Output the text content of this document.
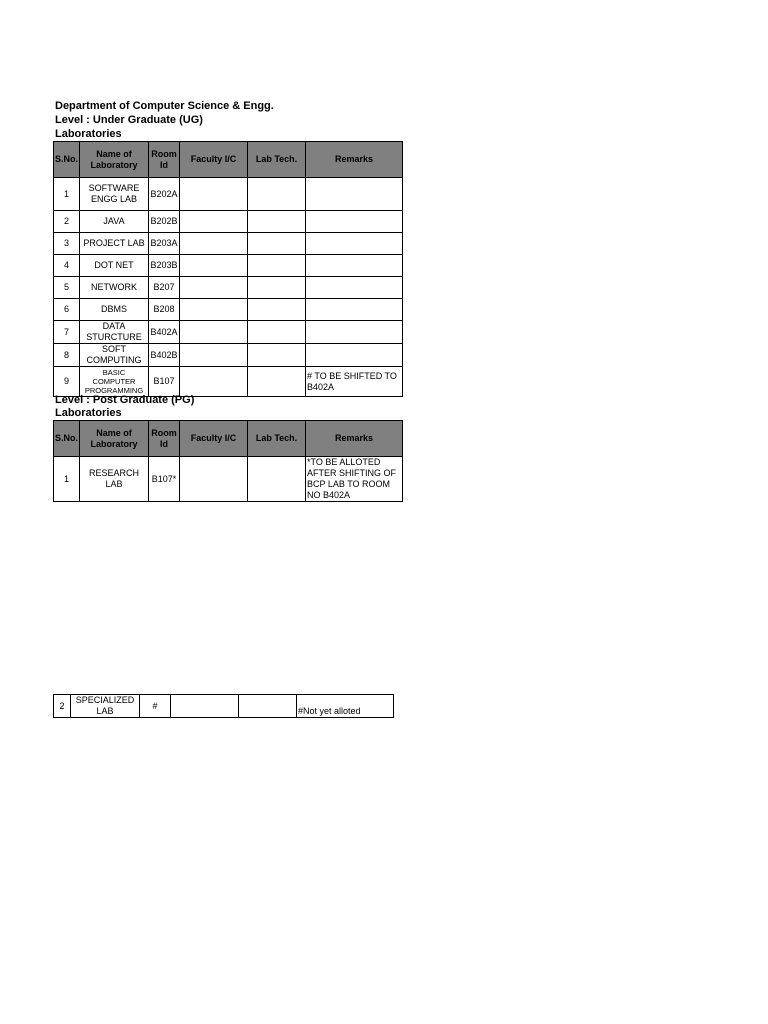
Department of Computer Science & Engg.
Level : Under Graduate (UG)
Laboratories
S.No.	Name of Laboratory	Room Id	Faculty I/C	Lab Tech.	Remarks
1	SOFTWARE ENGG LAB	B202A			
2	JAVA	B202B			
3	PROJECT LAB	B203A			
4	DOT NET	B203B			
5	NETWORK	B207			
6	DBMS	B208			
7	DATA STURCTURE	B402A			
8	SOFT COMPUTING	B402B			
9	BASIC COMPUTER PROGRAMMING	B107			# TO BE SHIFTED TO B402A
Level : Post Graduate (PG)
Laboratories
S.No.	Name of Laboratory	Room Id	Faculty I/C	Lab Tech.	Remarks
1	RESEARCH LAB	B107*			*TO BE ALLOTED AFTER SHIFTING OF BCP LAB TO ROOM NO B402A
2	SPECIALIZED LAB	#			#Not yet alloted
